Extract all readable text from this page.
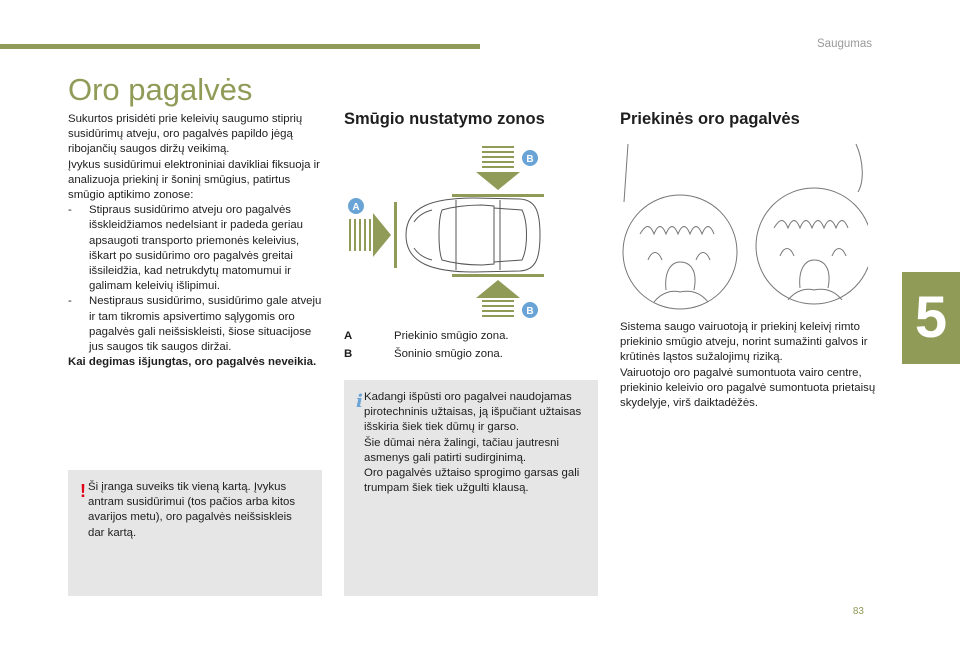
Saugumas
5
83
Oro pagalvės

Sukurtos prisidėti prie keleivių saugumo stiprių susidūrimų atveju, oro pagalvės papildo jėgą ribojančių saugos diržų veikimą.

Įvykus susidūrimui elektroniniai davikliai fiksuoja ir analizuoja priekinį ir šoninį smūgius, patirtus smūgio aptikimo zonose:

- Stipraus susidūrimo atveju oro pagalvės išskleidžiamos nedelsiant ir padeda geriau apsaugoti transporto priemonės keleivius, iškart po susidūrimo oro pagalvės greitai išsileidžia, kad netrukdytų matomumui ir galimam keleivių išlipimui.

- Nestipraus susidūrimo, susidūrimo gale atveju ir tam tikromis apsivertimo sąlygomis oro pagalvės gali neišsiskleisti, šiose situacijose jus saugos tik saugos diržai.

Kai degimas išjungtas, oro pagalvės neveikia.

! Ši įranga suveiks tik vieną kartą. Įvykus antram susidūrimui (tos pačios arba kitos avarijos metu), oro pagalvės neišsiskleis dar kartą.
Smūgio nustatymo zonos
B
A
B
A	Priekinio smūgio zona.
B	Šoninio smūgio zona.
i Kadangi išpūsti oro pagalvei naudojamas pirotechninis užtaisas, ją išpučiant užtaisas išskiria šiek tiek dūmų ir garso.

Šie dūmai nėra žalingi, tačiau jautresni asmenys gali patirti sudirginimą.

Oro pagalvės užtaiso sprogimo garsas gali trumpam šiek tiek užgulti klausą.

Priekinės oro pagalvės

Sistema saugo vairuotoją ir priekinį keleivį rimto priekinio smūgio atveju, norint sumažinti galvos ir krūtinės ląstos sužalojimų riziką.

Vairuotojo oro pagalvė sumontuota vairo centre, priekinio keleivio oro pagalvė sumontuota prietaisų skydelyje, virš daiktadėžės.
